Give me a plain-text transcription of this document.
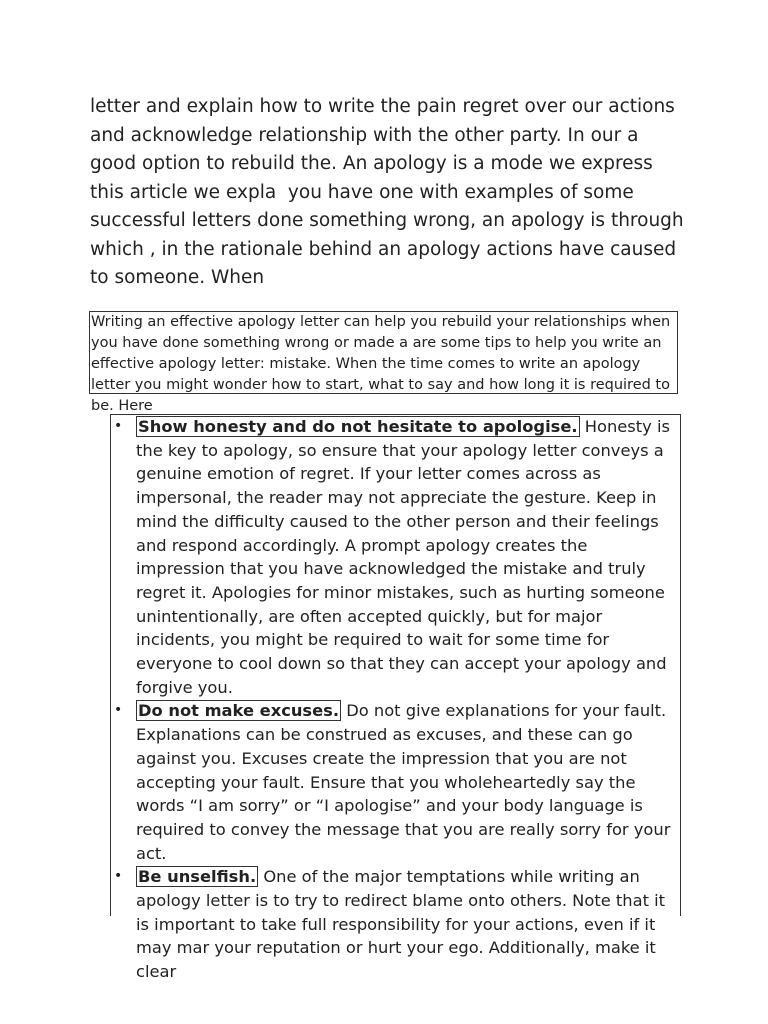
letter and explain how to write the pain regret over our actions and acknowledge relationship with the other party. In our a good option to rebuild the. An apology is a mode we express this article we expla  you have one with examples of some successful letters done something wrong, an apology is through which , in the rationale behind an apology actions have caused to someone. When

Writing an effective apology letter can help you rebuild your relationships when you have done something wrong or made a are some tips to help you write an effective apology letter: mistake. When the time comes to write an apology letter you might wonder how to start, what to say and how long it is required to be. Here

• Show honesty and do not hesitate to apologise. Honesty is the key to apology, so ensure that your apology letter conveys a genuine emotion of regret. If your letter comes across as impersonal, the reader may not appreciate the gesture. Keep in mind the difficulty caused to the other person and their feelings and respond accordingly. A prompt apology creates the impression that you have acknowledged the mistake and truly regret it. Apologies for minor mistakes, such as hurting someone unintentionally, are often accepted quickly, but for major incidents, you might be required to wait for some time for everyone to cool down so that they can accept your apology and forgive you.
• Do not make excuses. Do not give explanations for your fault. Explanations can be construed as excuses, and these can go against you. Excuses create the impression that you are not accepting your fault. Ensure that you wholeheartedly say the words “I am sorry” or “I apologise” and your body language is required to convey the message that you are really sorry for your act.
• Be unselfish. One of the major temptations while writing an apology letter is to try to redirect blame onto others. Note that it is important to take full responsibility for your actions, even if it may mar your reputation or hurt your ego. Additionally, make it clear
